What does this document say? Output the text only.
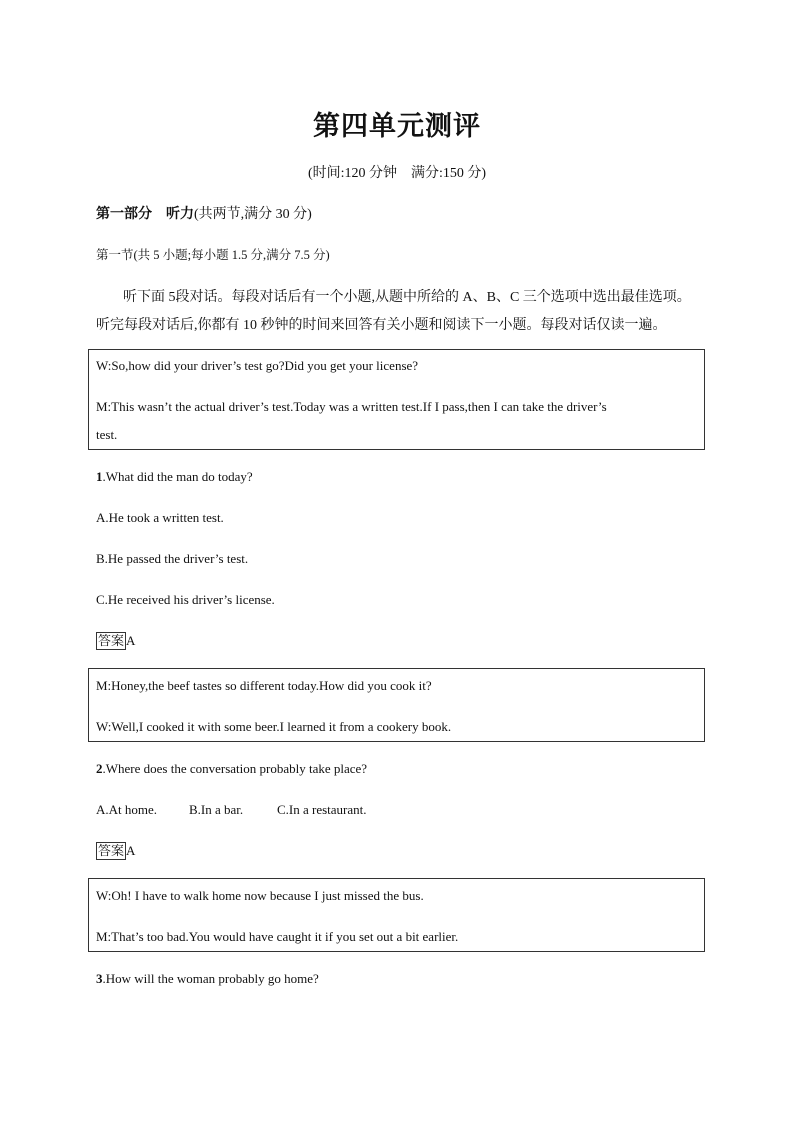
第四单元测评
(时间:120 分钟　满分:150 分)
第一部分　听力(共两节,满分 30 分)
第一节(共 5 小题;每小题 1.5 分,满分 7.5 分)
听下面 5段对话。每段对话后有一个小题,从题中所给的 A、B、C 三个选项中选出最佳选项。
听完每段对话后,你都有 10 秒钟的时间来回答有关小题和阅读下一小题。每段对话仅读一遍。
W:So,how did your driver’s test go?Did you get your license?
M:This wasn’t the actual driver’s test.Today was a written test.If I pass,then I can take the driver’s
test.
1.What did the man do today?
A.He took a written test.
B.He passed the driver’s test.
C.He received his driver’s license.
答案 A
M:Honey,the beef tastes so different today.How did you cook it?
W:Well,I cooked it with some beer.I learned it from a cookery book.
2.Where does the conversation probably take place?
A.At home. B.In a bar.	C.In a restaurant.
答案 A
W:Oh! I have to walk home now because I just missed the bus.
M:That’s too bad.You would have caught it if you set out a bit earlier.
3.How will the woman probably go home?
